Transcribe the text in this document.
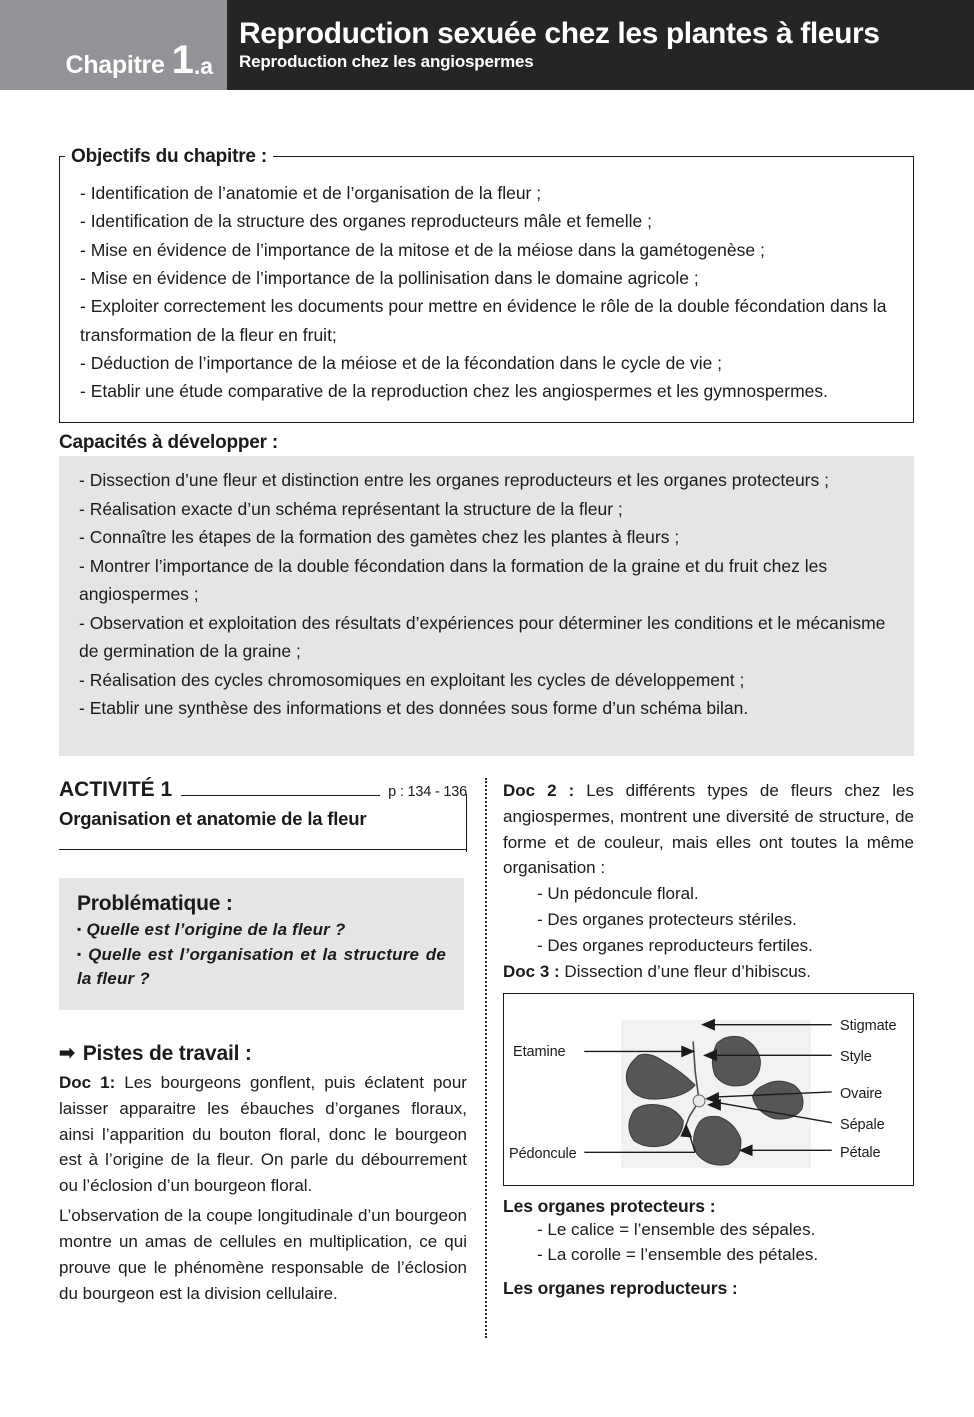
Chapitre 1 .a
Reproduction sexuée chez les plantes à fleurs
Reproduction chez les angiospermes
Objectifs du chapitre :
- Identification de l’anatomie et de l’organisation de la fleur ;
- Identification de la structure des organes reproducteurs mâle et femelle ;
- Mise en évidence de l’importance de la mitose et de la méiose dans la gamétogenèse ;
- Mise en évidence de l’importance de la pollinisation dans le domaine agricole ;
- Exploiter correctement les documents pour mettre en évidence le rôle de la double fécondation dans la transformation de la fleur en fruit;
- Déduction de l’importance de la méiose et de la fécondation dans le cycle de vie ;
- Etablir une étude comparative de la reproduction chez les angiospermes et les gymnospermes.
Capacités à développer :
- Dissection d’une fleur et distinction entre les organes reproducteurs et les organes protecteurs ;
- Réalisation exacte d’un schéma représentant la structure de la fleur ;
- Connaître les étapes de la formation des gamètes chez les plantes à fleurs ;
- Montrer l’importance de la double fécondation dans la formation de la graine et du fruit chez les angiospermes ;
- Observation et exploitation des résultats d’expériences pour déterminer les conditions et le mécanisme de germination de la graine ;
- Réalisation des cycles chromosomiques en exploitant les cycles de développement ;
- Etablir une synthèse des informations et des données sous forme d’un schéma bilan.
ACTIVITÉ 1	p : 134 - 136
Organisation et anatomie de la fleur
Problématique :
▪ Quelle est l’origine de la fleur ?
▪ Quelle est l’organisation et la structure de la fleur ?
➡ Pistes de travail :
Doc 1: Les bourgeons gonflent, puis éclatent pour laisser apparaitre les ébauches d’organes floraux, ainsi l’apparition du bouton floral, donc le bourgeon est à l’origine de la fleur. On parle du débourrement ou l’éclosion d’un bourgeon floral.
L’observation de la coupe longitudinale d’un bourgeon montre un amas de cellules en multiplication, ce qui prouve que le phénomène responsable de l’éclosion du bourgeon est la division cellulaire.
Doc 2 : Les différents types de fleurs chez les angiospermes, montrent une diversité de structure, de forme et de couleur, mais elles ont toutes la même organisation :
- Un pédoncule floral.
- Des organes protecteurs stériles.
- Des organes reproducteurs fertiles.
Doc 3 : Dissection d’une fleur d’hibiscus.
Stigmate
Style
Ovaire
Sépale
Pétale
Etamine
Pédoncule
Les organes protecteurs :
- Le calice = l’ensemble des sépales.
- La corolle = l’ensemble des pétales.
Les organes reproducteurs :
